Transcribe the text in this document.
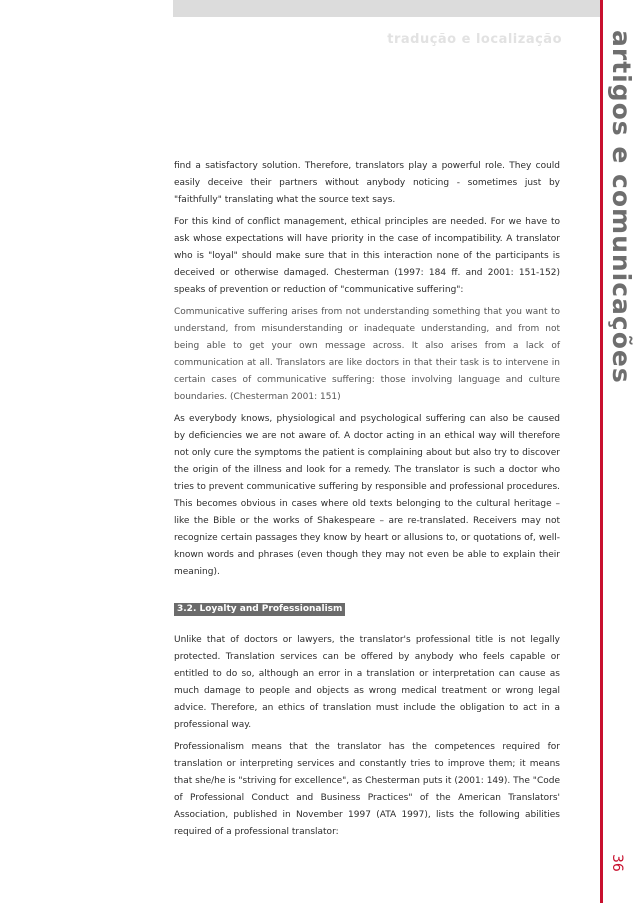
tradução e localização artigos e comunicações
36

find a satisfactory solution. Therefore, translators play a powerful role. They could easily deceive their partners without anybody noticing - sometimes just by "faithfully" translating what the source text says.

For this kind of conflict management, ethical principles are needed. For we have to ask whose expectations will have priority in the case of incompatibility. A translator who is "loyal" should make sure that in this interaction none of the participants is deceived or otherwise damaged. Chesterman (1997: 184 ff. and 2001: 151-152) speaks of prevention or reduction of "communicative suffering":

Communicative suffering arises from not understanding something that you want to understand, from misunderstanding or inadequate understanding, and from not being able to get your own message across. It also arises from a lack of communication at all. Translators are like doctors in that their task is to intervene in certain cases of communicative suffering: those involving language and culture boundaries. (Chesterman 2001: 151)

As everybody knows, physiological and psychological suffering can also be caused by deficiencies we are not aware of. A doctor acting in an ethical way will therefore not only cure the symptoms the patient is complaining about but also try to discover the origin of the illness and look for a remedy. The translator is such a doctor who tries to prevent communicative suffering by responsible and professional procedures. This becomes obvious in cases where old texts belonging to the cultural heritage – like the Bible or the works of Shakespeare – are re-translated. Receivers may not recognize certain passages they know by heart or allusions to, or quotations of, well-known words and phrases (even though they may not even be able to explain their meaning).

3.2. Loyalty and Professionalism

Unlike that of doctors or lawyers, the translator's professional title is not legally protected. Translation services can be offered by anybody who feels capable or entitled to do so, although an error in a translation or interpretation can cause as much damage to people and objects as wrong medical treatment or wrong legal advice. Therefore, an ethics of translation must include the obligation to act in a professional way.

Professionalism means that the translator has the competences required for translation or interpreting services and constantly tries to improve them; it means that she/he is "striving for excellence", as Chesterman puts it (2001: 149). The "Code of Professional Conduct and Business Practices" of the American Translators' Association, published in November 1997 (ATA 1997), lists the following abilities required of a professional translator:
